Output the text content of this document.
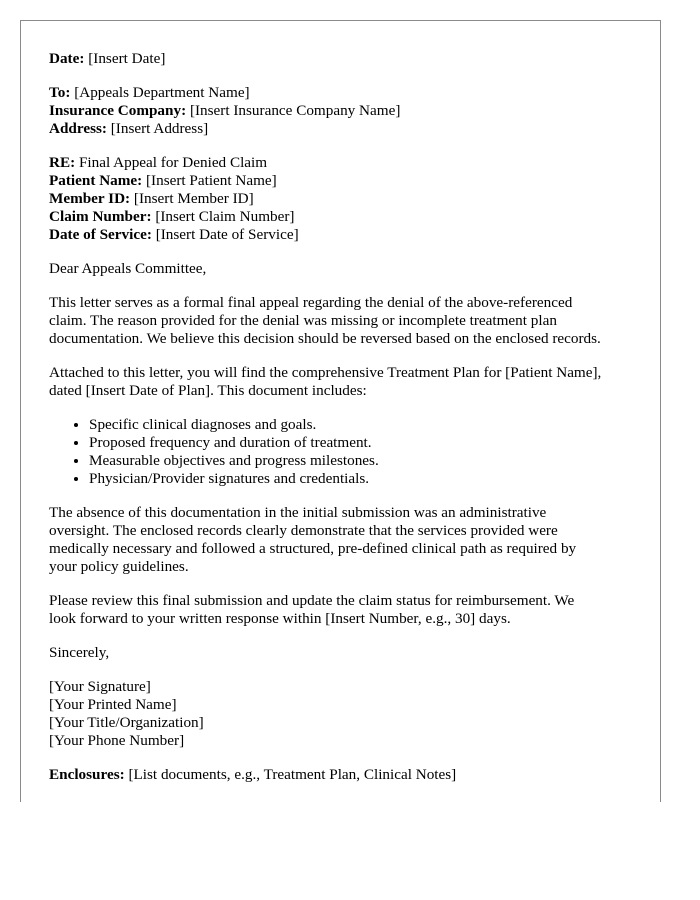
Date: [Insert Date]

To: [Appeals Department Name]
Insurance Company: [Insert Insurance Company Name]
Address: [Insert Address]

RE: Final Appeal for Denied Claim
Patient Name: [Insert Patient Name]
Member ID: [Insert Member ID]
Claim Number: [Insert Claim Number]
Date of Service: [Insert Date of Service]

Dear Appeals Committee,

This letter serves as a formal final appeal regarding the denial of the above-referenced
claim. The reason provided for the denial was missing or incomplete treatment plan
documentation. We believe this decision should be reversed based on the enclosed records.

Attached to this letter, you will find the comprehensive Treatment Plan for [Patient Name],
dated [Insert Date of Plan]. This document includes:

• Specific clinical diagnoses and goals.
• Proposed frequency and duration of treatment.
• Measurable objectives and progress milestones.
• Physician/Provider signatures and credentials.

The absence of this documentation in the initial submission was an administrative
oversight. The enclosed records clearly demonstrate that the services provided were
medically necessary and followed a structured, pre-defined clinical path as required by
your policy guidelines.

Please review this final submission and update the claim status for reimbursement. We
look forward to your written response within [Insert Number, e.g., 30] days.

Sincerely,

[Your Signature]
[Your Printed Name]
[Your Title/Organization]
[Your Phone Number]

Enclosures: [List documents, e.g., Treatment Plan, Clinical Notes]
